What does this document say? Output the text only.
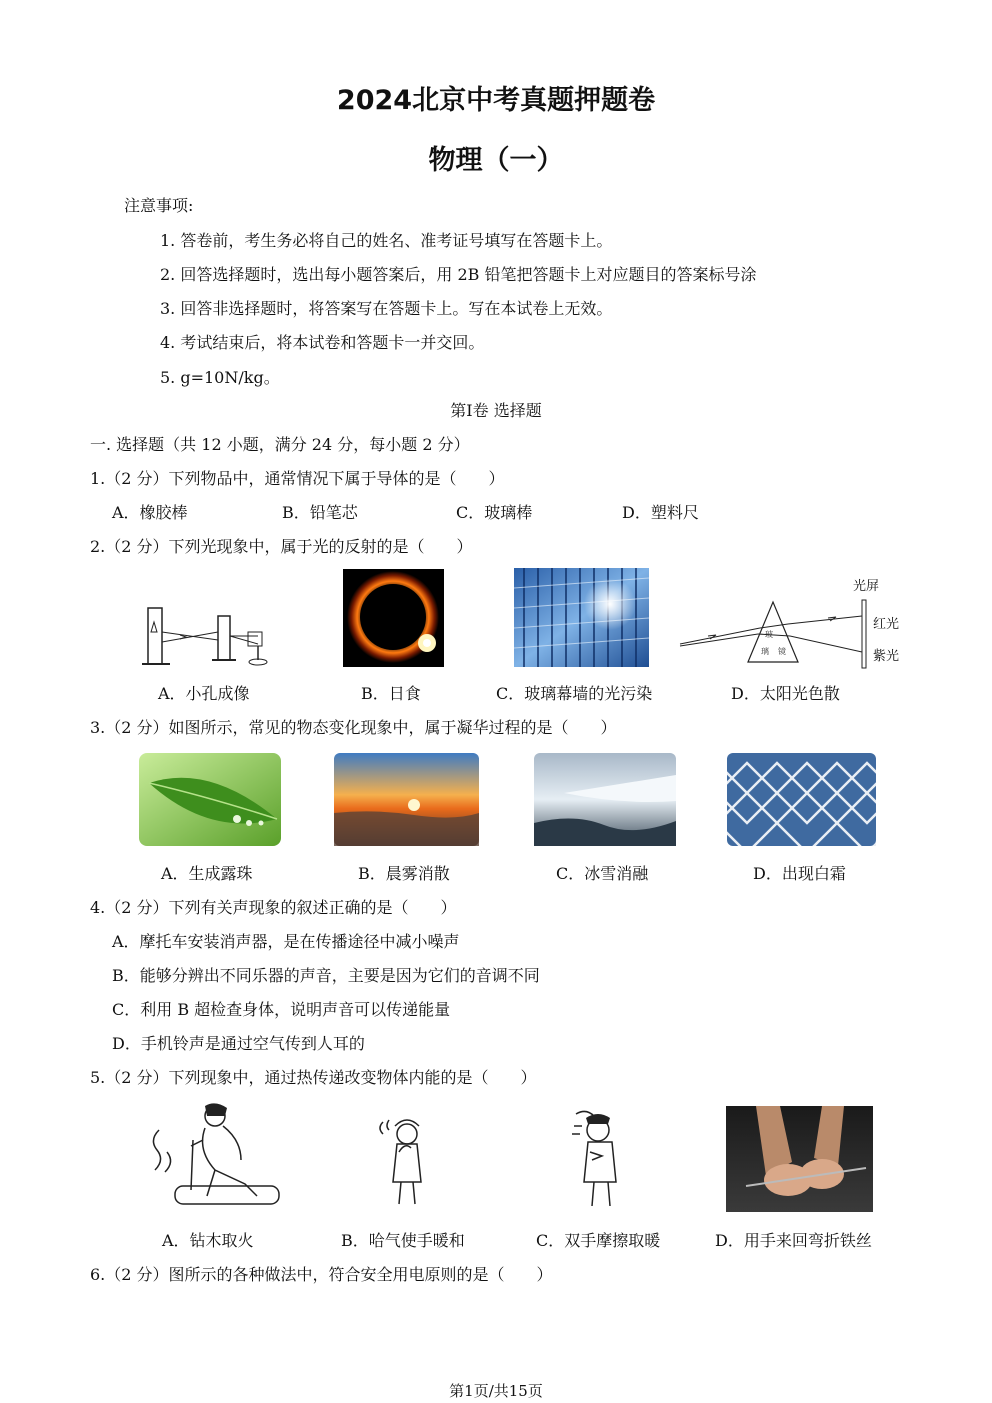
2024北京中考真题押题卷
物理（一）
注意事项:
1. 答卷前，考生务必将自己的姓名、准考证号填写在答题卡上。
2. 回答选择题时，选出每小题答案后，用 2B 铅笔把答题卡上对应题目的答案标号涂
3. 回答非选择题时，将答案写在答题卡上。写在本试卷上无效。
4. 考试结束后，将本试卷和答题卡一并交回。
5. g=10N/kg。
第Ⅰ卷 选择题
一. 选择题（共 12 小题，满分 24 分，每小题 2 分）
1.（2 分）下列物品中，通常情况下属于导体的是（　　）
A．橡胶棒	B．铅笔芯	C．玻璃棒	D．塑料尺
2.（2 分）下列光现象中，属于光的反射的是（　　）
玻
璃 镜
光屏
红光
紫光
A．小孔成像	B．日食	C．玻璃幕墙的光污染	D．太阳光色散
3.（2 分）如图所示，常见的物态变化现象中，属于凝华过程的是（　　）
A．生成露珠	B．晨雾消散	C．冰雪消融	D．出现白霜
4.（2 分）下列有关声现象的叙述正确的是（　　）
A．摩托车安装消声器，是在传播途径中减小噪声
B．能够分辨出不同乐器的声音，主要是因为它们的音调不同
C．利用 B 超检查身体，说明声音可以传递能量
D．手机铃声是通过空气传到人耳的
5.（2 分）下列现象中，通过热传递改变物体内能的是（　　）
A．钻木取火	B．哈气使手暖和	C．双手摩擦取暖	D．用手来回弯折铁丝
6.（2 分）图所示的各种做法中，符合安全用电原则的是（　　）
第1页/共15页
